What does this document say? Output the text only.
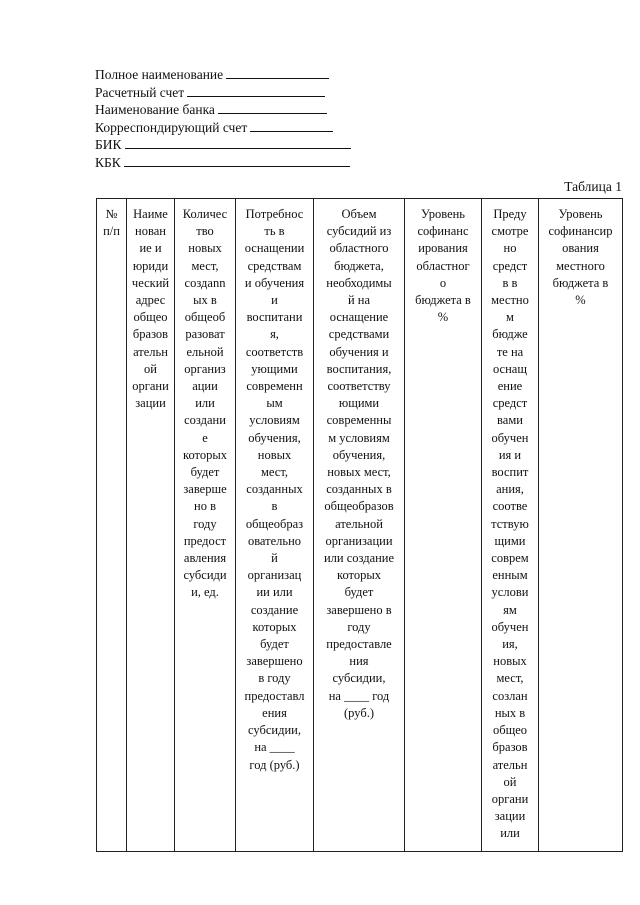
Полное наименование
Расчетный счет
Наименование банка
Корреспондирующий счет
БИК
КБК
Таблица 1
№
п/п

Наиме
нован
ие и
юриди
ческий
адрес
общео
бразов
ательн
ой
органи
зации

Количес
тво
новых
мест,
создann
ых в
общеоб
разоват
ельной
организ
ации
или
создани
е
которых
будет
заверше
но в
году
предост
авления
субсиди
и, ед.

Потребнос
ть в
оснащении
средствам
и обучения
и
воспитани
я,
соответств
ующими
современн
ым
условиям
обучения,
новых
мест,
созданных
в
общеобраз
овательно
й
организац
ии или
создание
которых
будет
завершено
в году
предоставл
ения
субсидии,
на ____
год (руб.)

Объем
субсидий из
областного
бюджета,
необходимы
й на
оснащение
средствами
обучения и
воспитания,
соответству
ющими
современны
м условиям
обучения,
новых мест,
созданных в
общеобразов
ательной
организации
или создание
которых
будет
завершено в
году
предоставле
ния
субсидии,
на ____ год
(руб.)

Уровень
софинанс
ирования
областног
о
бюджета в
%

Преду
смотре
но
средст
в в
местно
м
бюдже
те на
оснащ
ение
средст
вами
обучен
ия и
воспит
ания,
соотве
тствую
щими
соврем
енным
услови
ям
обучен
ия,
новых
мест,
созлан
ных в
общео
бразов
ательн
ой
органи
зации
или

Уровень
софинансир
ования
местного
бюджета в
%
